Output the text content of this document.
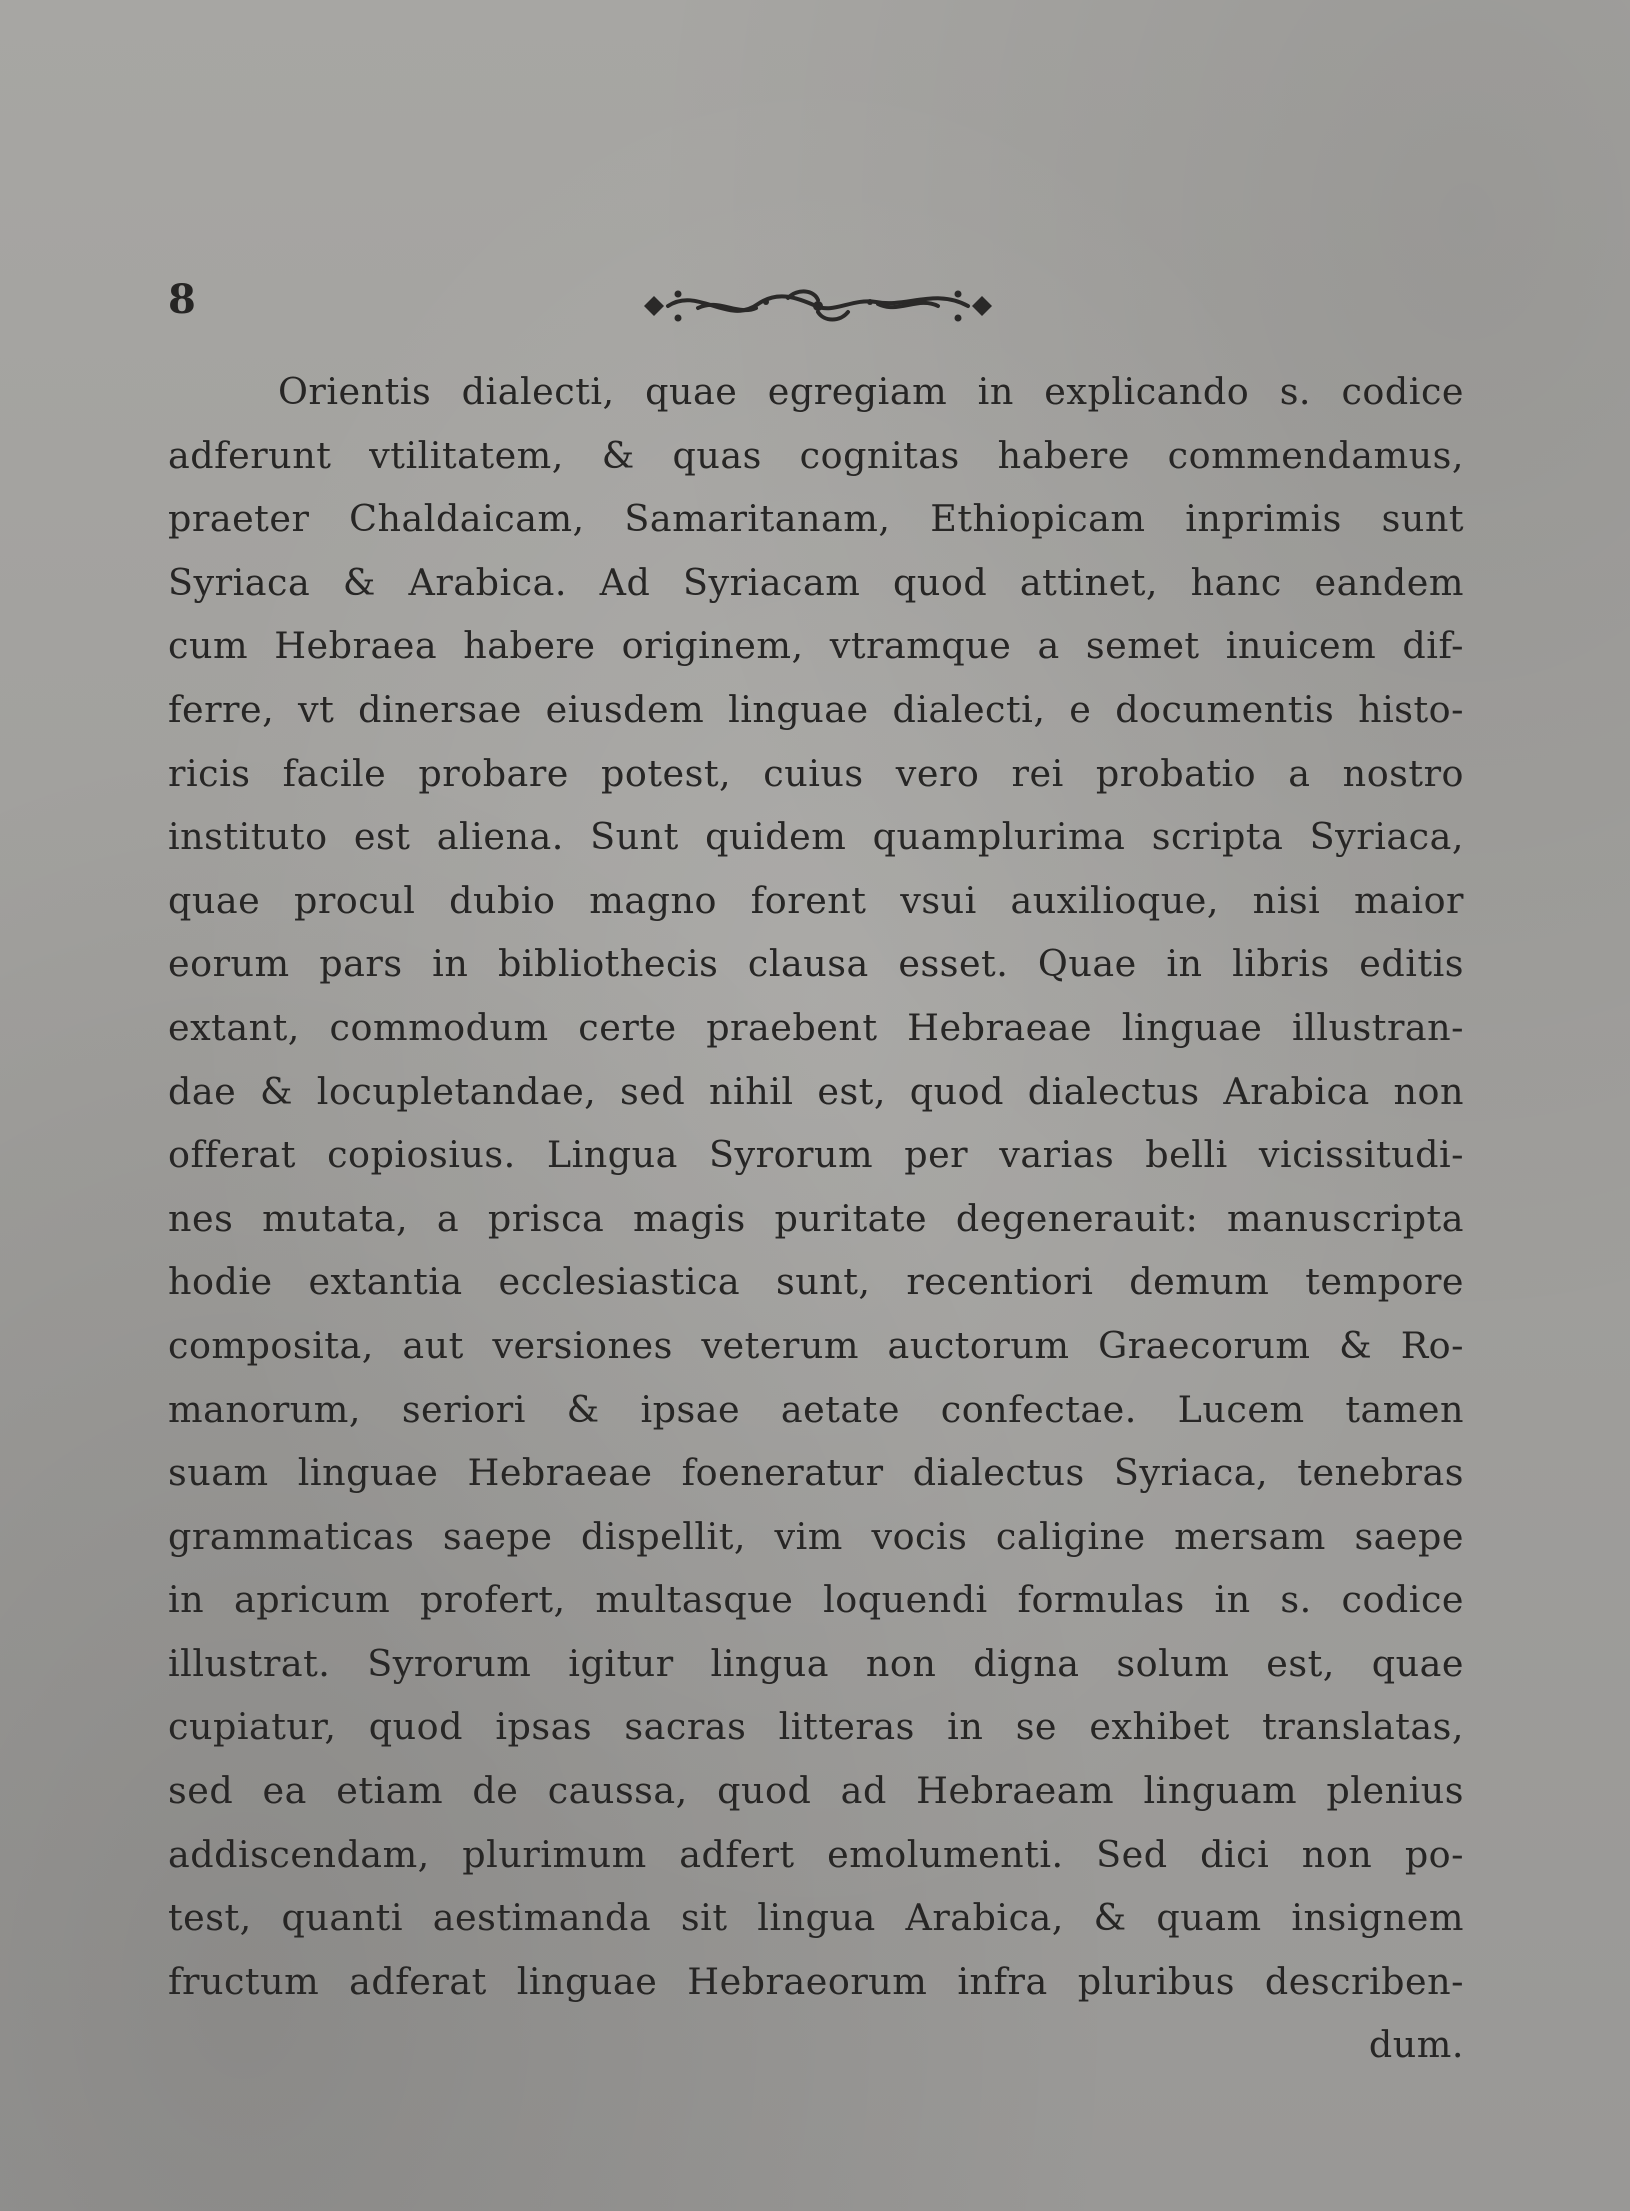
8
Orientis dialecti, quae egregiam in explicando s. codice
adferunt vtilitatem, & quas cognitas habere commendamus,
praeter Chaldaicam, Samaritanam, Ethiopicam inprimis sunt
Syriaca & Arabica. Ad Syriacam quod attinet, hanc eandem
cum Hebraea habere originem, vtramque a semet inuicem dif-
ferre, vt dinersae eiusdem linguae dialecti, e documentis histo-
ricis facile probare potest, cuius vero rei probatio a nostro
instituto est aliena. Sunt quidem quamplurima scripta Syriaca,
quae procul dubio magno forent vsui auxilioque, nisi maior
eorum pars in bibliothecis clausa esset. Quae in libris editis
extant, commodum certe praebent Hebraeae linguae illustran-
dae & locupletandae, sed nihil est, quod dialectus Arabica non
offerat copiosius. Lingua Syrorum per varias belli vicissitudi-
nes mutata, a prisca magis puritate degenerauit: manuscripta
hodie extantia ecclesiastica sunt, recentiori demum tempore
composita, aut versiones veterum auctorum Graecorum & Ro-
manorum, seriori & ipsae aetate confectae. Lucem tamen
suam linguae Hebraeae foeneratur dialectus Syriaca, tenebras
grammaticas saepe dispellit, vim vocis caligine mersam saepe
in apricum profert, multasque loquendi formulas in s. codice
illustrat. Syrorum igitur lingua non digna solum est, quae
cupiatur, quod ipsas sacras litteras in se exhibet translatas,
sed ea etiam de caussa, quod ad Hebraeam linguam plenius
addiscendam, plurimum adfert emolumenti. Sed dici non po-
test, quanti aestimanda sit lingua Arabica, & quam insignem
fructum adferat linguae Hebraeorum infra pluribus describen-
dum.
